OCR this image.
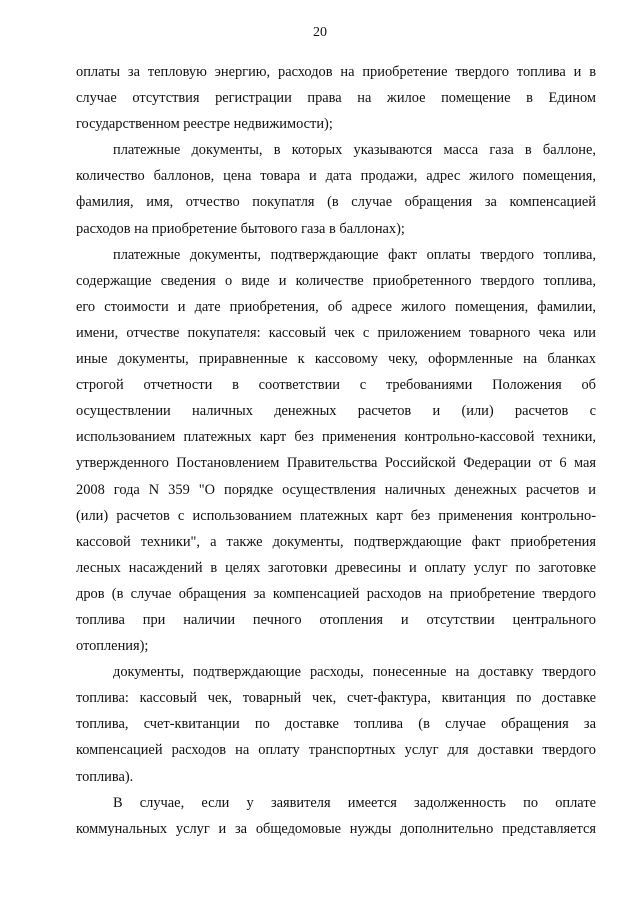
20

оплаты за тепловую энергию, расходов на приобретение твердого топлива и в
случае отсутствия регистрации права на жилое помещение в Едином
государственном реестре недвижимости);

платежные документы, в которых указываются масса газа в баллоне,
количество баллонов, цена товара и дата продажи, адрес жилого помещения,
фамилия, имя, отчество покупатля (в случае обращения за компенсацией
расходов на приобретение бытового газа в баллонах);

платежные документы, подтверждающие факт оплаты твердого топлива,
содержащие сведения о виде и количестве приобретенного твердого топлива,
его стоимости и дате приобретения, об адресе жилого помещения, фамилии,
имени, отчестве покупателя: кассовый чек с приложением товарного чека или
иные документы, приравненные к кассовому чеку, оформленные на бланках
строгой отчетности в соответствии с требованиями Положения об
осуществлении наличных денежных расчетов и (или) расчетов с
использованием платежных карт без применения контрольно-кассовой техники,
утвержденного Постановлением Правительства Российской Федерации от 6 мая
2008 года N 359 "О порядке осуществления наличных денежных расчетов и
(или) расчетов с использованием платежных карт без применения контрольно-
кассовой техники", а также документы, подтверждающие факт приобретения
лесных насаждений в целях заготовки древесины и оплату услуг по заготовке
дров (в случае обращения за компенсацией расходов на приобретение твердого
топлива при наличии печного отопления и отсутствии центрального
отопления);

документы, подтверждающие расходы, понесенные на доставку твердого
топлива: кассовый чек, товарный чек, счет-фактура, квитанция по доставке
топлива, счет-квитанции по доставке топлива (в случае обращения за
компенсацией расходов на оплату транспортных услуг для доставки твердого
топлива).

В случае, если у заявителя имеется задолженность по оплате
коммунальных услуг и за общедомовые нужды дополнительно представляется
